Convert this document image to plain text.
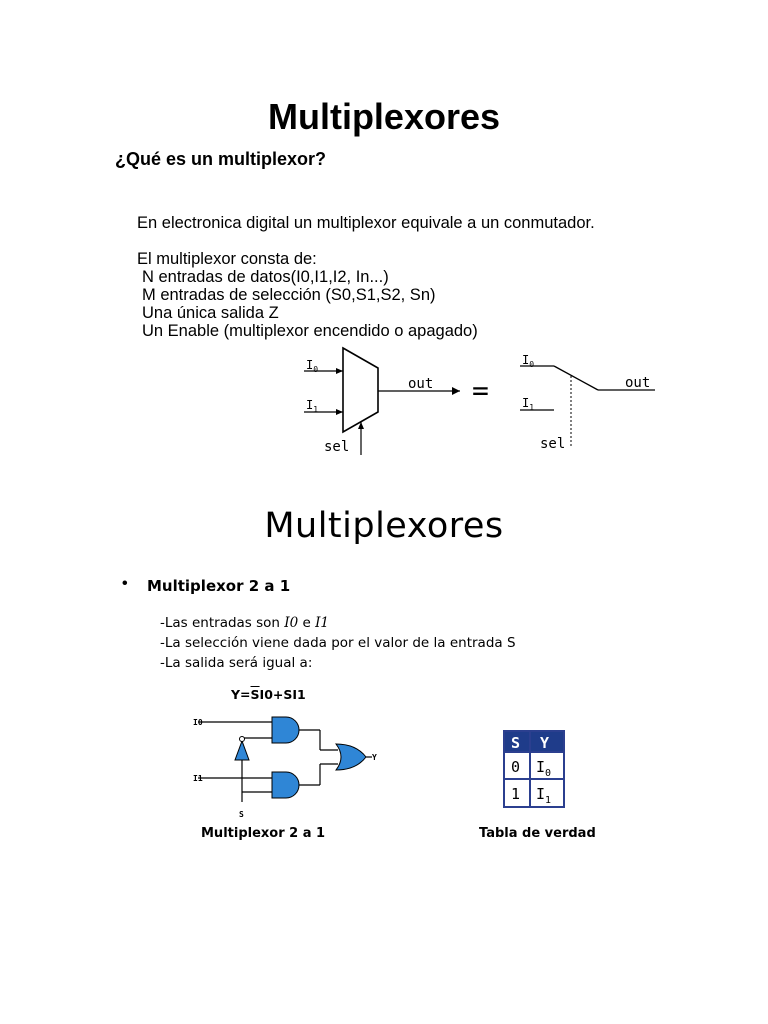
Multiplexores
¿Qué es un multiplexor?
En electronica digital un multiplexor equivale a un conmutador.
El multiplexor consta de:
N entradas de datos(I0,I1,I2, In...)
M entradas de selección (S0,S1,S2, Sn)
Una única salida Z
Un Enable (multiplexor encendido o apagado)
$I_0$
$I_1$
out
sel
=
$I_0$
$I_1$
out
sel
Multiplexores
• Multiplexor 2 a 1
-Las entradas son I0 e I1
-La selección viene dada por el valor de la entrada S
-La salida será igual a:
$Y=\overline{S}I0+SI1$
I0
I1
S
Y
Multiplexor 2 a 1
S Y
0 $I_0$
1 $I_1$
Tabla de verdad
